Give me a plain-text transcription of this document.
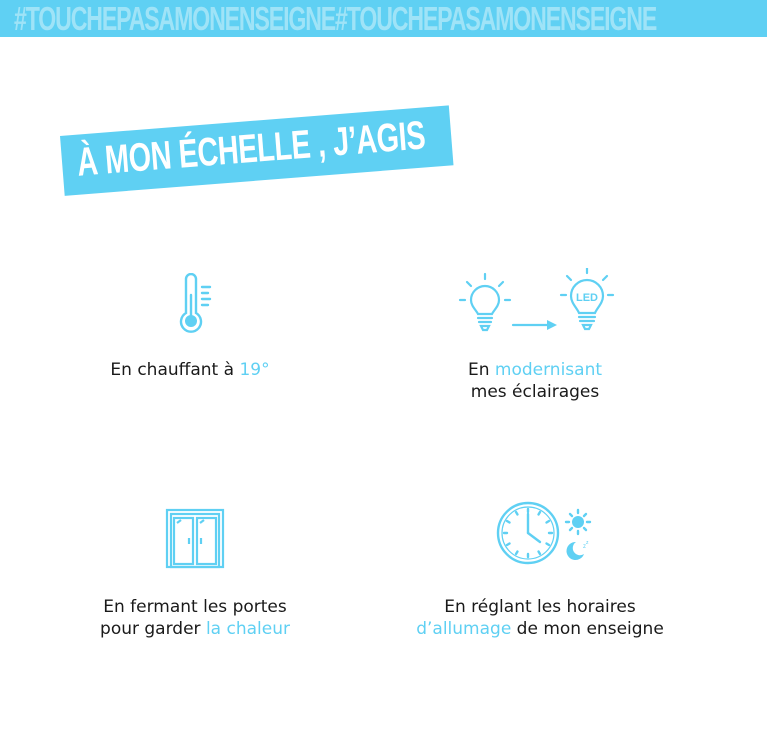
#TOUCHEPASAMONENSEIGNE#TOUCHEPASAMONENSEIGNE
À MON ÉCHELLE , J’AGIS
En chauffant à 19°
LED
En modernisant
mes éclairages
En fermant les portes
pour garder la chaleur
z
z
En réglant les horaires
d’allumage de mon enseigne
